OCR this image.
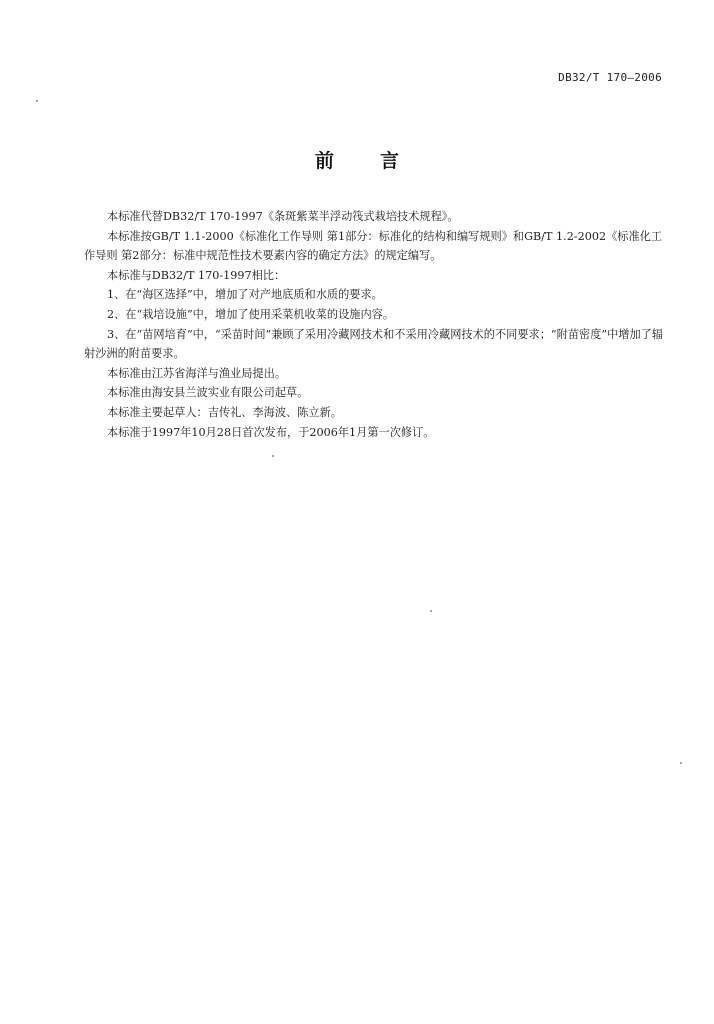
DB32/T 170—2006
前 言

本标准代替DB32/T 170-1997《条斑紫菜半浮动筏式栽培技术规程》。

本标准按GB/T 1.1-2000《标准化工作导则 第1部分：标准化的结构和编写规则》和GB/T 1.2-2002《标准化工作导则 第2部分：标准中规范性技术要素内容的确定方法》的规定编写。

本标准与DB32/T 170-1997相比：

1、在“海区选择”中，增加了对产地底质和水质的要求。

2、在“栽培设施”中，增加了使用采菜机收菜的设施内容。

3、在“苗网培育”中，“采苗时间”兼顾了采用冷藏网技术和不采用冷藏网技术的不同要求；“附苗密度”中增加了辐射沙洲的附苗要求。

本标准由江苏省海洋与渔业局提出。

本标准由海安县兰波实业有限公司起草。

本标准主要起草人：吉传礼、李海波、陈立新。

本标准于1997年10月28日首次发布，于2006年1月第一次修订。
